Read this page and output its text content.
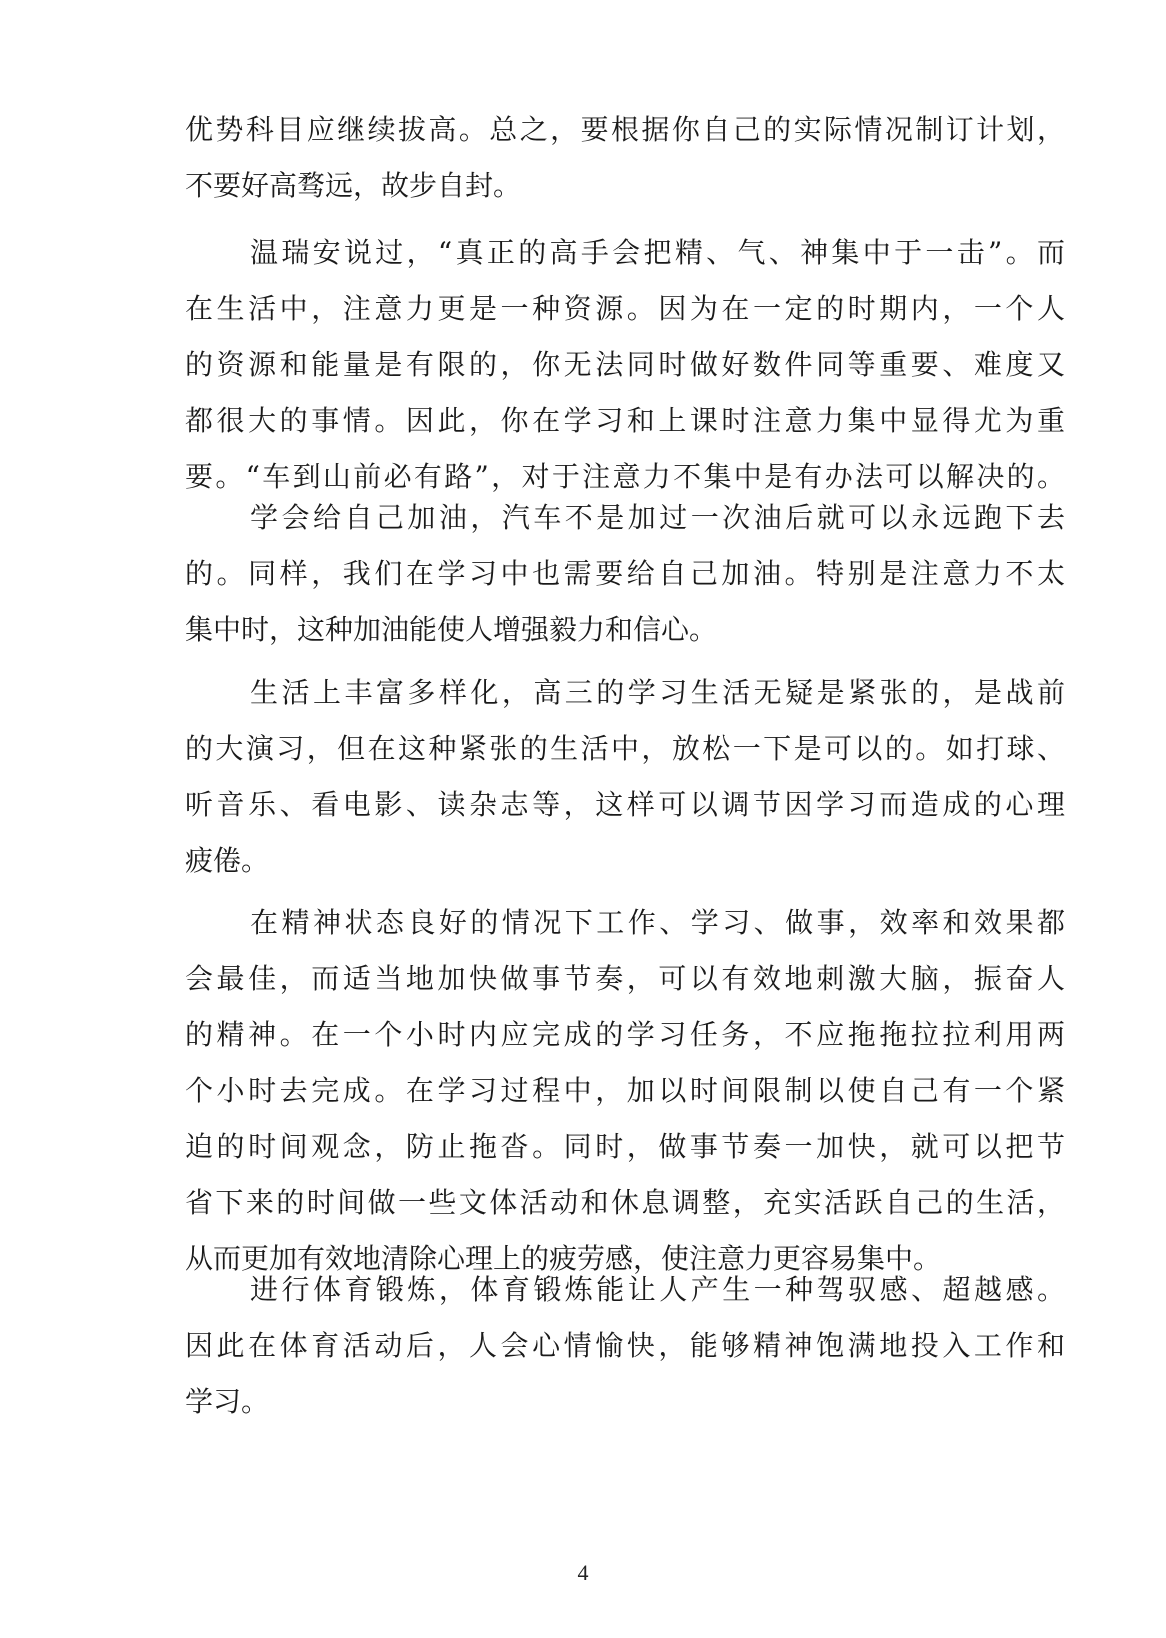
优势科目应继续拔高。总之，要根据你自己的实际情况制订计划，
不要好高骛远，故步自封。
温瑞安说过，“真正的高手会把精、气、神集中于一击”。而
在生活中，注意力更是一种资源。因为在一定的时期内，一个人
的资源和能量是有限的，你无法同时做好数件同等重要、难度又
都很大的事情。因此，你在学习和上课时注意力集中显得尤为重
要。“车到山前必有路”，对于注意力不集中是有办法可以解决的。
学会给自己加油，汽车不是加过一次油后就可以永远跑下去
的。同样，我们在学习中也需要给自己加油。特别是注意力不太
集中时，这种加油能使人增强毅力和信心。
生活上丰富多样化，高三的学习生活无疑是紧张的，是战前
的大演习，但在这种紧张的生活中，放松一下是可以的。如打球、
听音乐、看电影、读杂志等，这样可以调节因学习而造成的心理
疲倦。
在精神状态良好的情况下工作、学习、做事，效率和效果都
会最佳，而适当地加快做事节奏，可以有效地刺激大脑，振奋人
的精神。在一个小时内应完成的学习任务，不应拖拖拉拉利用两
个小时去完成。在学习过程中，加以时间限制以使自己有一个紧
迫的时间观念，防止拖沓。同时，做事节奏一加快，就可以把节
省下来的时间做一些文体活动和休息调整，充实活跃自己的生活，
从而更加有效地清除心理上的疲劳感，使注意力更容易集中。
进行体育锻炼，体育锻炼能让人产生一种驾驭感、超越感。
因此在体育活动后，人会心情愉快，能够精神饱满地投入工作和
学习。
4
